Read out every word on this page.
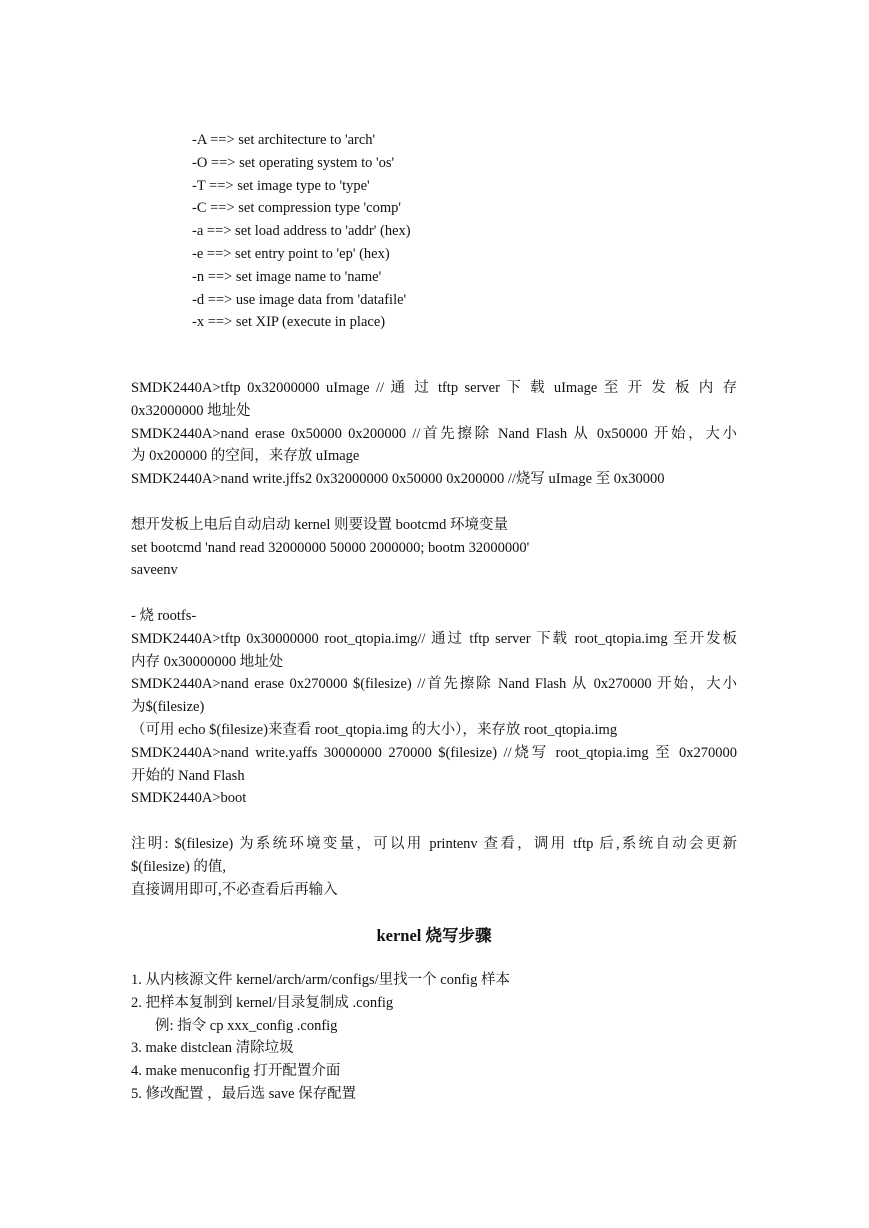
-A ==> set architecture to 'arch'
-O ==> set operating system to 'os'
-T ==> set image type to 'type'
-C ==> set compression type 'comp'
-a ==> set load address to 'addr' (hex)
-e ==> set entry point to 'ep' (hex)
-n ==> set image name to 'name'
-d ==> use image data from 'datafile'
-x ==> set XIP (execute in place)
SMDK2440A>tftp 0x32000000 uImage // 通 过 tftp server 下 载 uImage 至 开 发 板 内 存
0x32000000 地址处
SMDK2440A>nand erase 0x50000 0x200000 //首先擦除 Nand Flash 从 0x50000 开始，大小
为 0x200000 的空间，来存放 uImage
SMDK2440A>nand write.jffs2 0x32000000 0x50000 0x200000 //烧写 uImage 至 0x30000
想开发板上电后自动启动 kernel 则要设置 bootcmd 环境变量
set bootcmd 'nand read 32000000 50000 2000000; bootm 32000000'
saveenv
- 烧 rootfs-
SMDK2440A>tftp 0x30000000 root_qtopia.img// 通过 tftp server 下载 root_qtopia.img 至开发板
内存 0x30000000 地址处
SMDK2440A>nand erase 0x270000 $(filesize) //首先擦除 Nand Flash 从 0x270000 开始，大小
为$(filesize)
（可用 echo $(filesize)来查看 root_qtopia.img 的大小），来存放 root_qtopia.img
SMDK2440A>nand write.yaffs 30000000 270000 $(filesize) //烧写 root_qtopia.img 至 0x270000
开始的 Nand Flash
SMDK2440A>boot
注明: $(filesize) 为系统环境变量，可以用 printenv 查看，调用 tftp 后,系统自动会更新
$(filesize) 的值,
直接调用即可,不必查看后再输入
kernel 烧写步骤
1. 从内核源文件 kernel/arch/arm/configs/里找一个 config 样本
2. 把样本复制到 kernel/目录复制成 .config
例: 指令 cp xxx_config .config
3. make distclean 清除垃圾
4. make menuconfig 打开配置介面
5. 修改配置 ，最后选 save 保存配置
